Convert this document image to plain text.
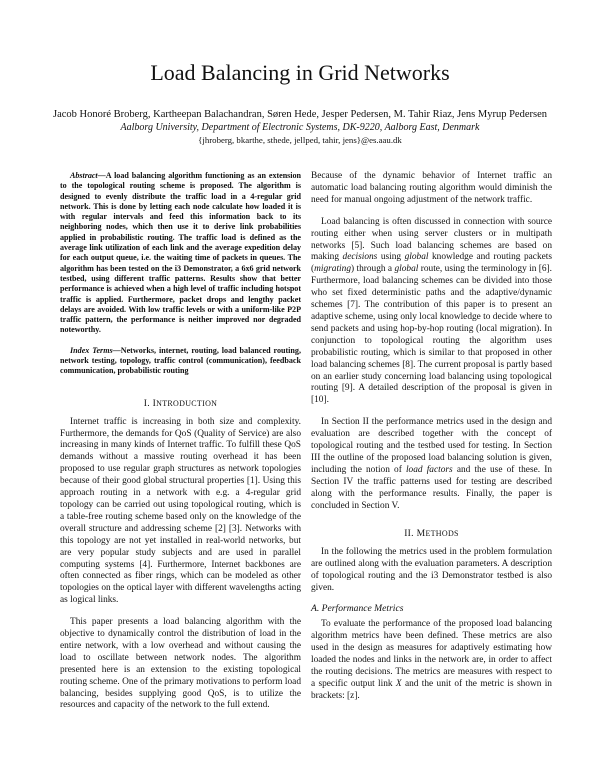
Load Balancing in Grid Networks
Jacob Honoré Broberg, Kartheepan Balachandran, Søren Hede, Jesper Pedersen, M. Tahir Riaz, Jens Myrup Pedersen
Aalborg University, Department of Electronic Systems, DK-9220, Aalborg East, Denmark
{jhroberg, bkarthe, sthede, jellped, tahir, jens}@es.aau.dk

Abstract—A load balancing algorithm functioning as an extension to the topological routing scheme is proposed. The algorithm is designed to evenly distribute the traffic load in a 4-regular grid network. This is done by letting each node calculate how loaded it is with regular intervals and feed this information back to its neighboring nodes, which then use it to derive link probabilities applied in probabilistic routing. The traffic load is defined as the average link utilization of each link and the average expedition delay for each output queue, i.e. the waiting time of packets in queues. The algorithm has been tested on the i3 Demonstrator, a 6x6 grid network testbed, using different traffic patterns. Results show that better performance is achieved when a high level of traffic including hotspot traffic is applied. Furthermore, packet drops and lengthy packet delays are avoided. With low traffic levels or with a uniform-like P2P traffic pattern, the performance is neither improved nor degraded noteworthy.

Index Terms—Networks, internet, routing, load balanced routing, network testing, topology, traffic control (communication), feedback communication, probabilistic routing

I. INTRODUCTION

Internet traffic is increasing in both size and complexity. Furthermore, the demands for QoS (Quality of Service) are also increasing in many kinds of Internet traffic. To fulfill these QoS demands without a massive routing overhead it has been proposed to use regular graph structures as network topologies because of their good global structural properties [1]. Using this approach routing in a network with e.g. a 4-regular grid topology can be carried out using topological routing, which is a table-free routing scheme based only on the knowledge of the overall structure and addressing scheme [2] [3]. Networks with this topology are not yet installed in real-world networks, but are very popular study subjects and are used in parallel computing systems [4]. Furthermore, Internet backbones are often connected as fiber rings, which can be modeled as other topologies on the optical layer with different wavelengths acting as logical links.

This paper presents a load balancing algorithm with the objective to dynamically control the distribution of load in the entire network, with a low overhead and without causing the load to oscillate between network nodes. The algorithm presented here is an extension to the existing topological routing scheme. One of the primary motivations to perform load balancing, besides supplying good QoS, is to utilize the resources and capacity of the network to the full extend.

Because of the dynamic behavior of Internet traffic an automatic load balancing routing algorithm would diminish the need for manual ongoing adjustment of the network traffic.

Load balancing is often discussed in connection with source routing either when using server clusters or in multipath networks [5]. Such load balancing schemes are based on making decisions using global knowledge and routing packets (migrating) through a global route, using the terminology in [6]. Furthermore, load balancing schemes can be divided into those who set fixed deterministic paths and the adaptive/dynamic schemes [7]. The contribution of this paper is to present an adaptive scheme, using only local knowledge to decide where to send packets and using hop-by-hop routing (local migration). In conjunction to topological routing the algorithm uses probabilistic routing, which is similar to that proposed in other load balancing schemes [8]. The current proposal is partly based on an earlier study concerning load balancing using topological routing [9]. A detailed description of the proposal is given in [10].

In Section II the performance metrics used in the design and evaluation are described together with the concept of topological routing and the testbed used for testing. In Section III the outline of the proposed load balancing solution is given, including the notion of load factors and the use of these. In Section IV the traffic patterns used for testing are described along with the performance results. Finally, the paper is concluded in Section V.

II. METHODS

In the following the metrics used in the problem formulation are outlined along with the evaluation parameters. A description of topological routing and the i3 Demonstrator testbed is also given.

A. Performance Metrics

To evaluate the performance of the proposed load balancing algorithm metrics have been defined. These metrics are also used in the design as measures for adaptively estimating how loaded the nodes and links in the network are, in order to affect the routing decisions. The metrics are measures with respect to a specific output link X and the unit of the metric is shown in brackets: [z].
